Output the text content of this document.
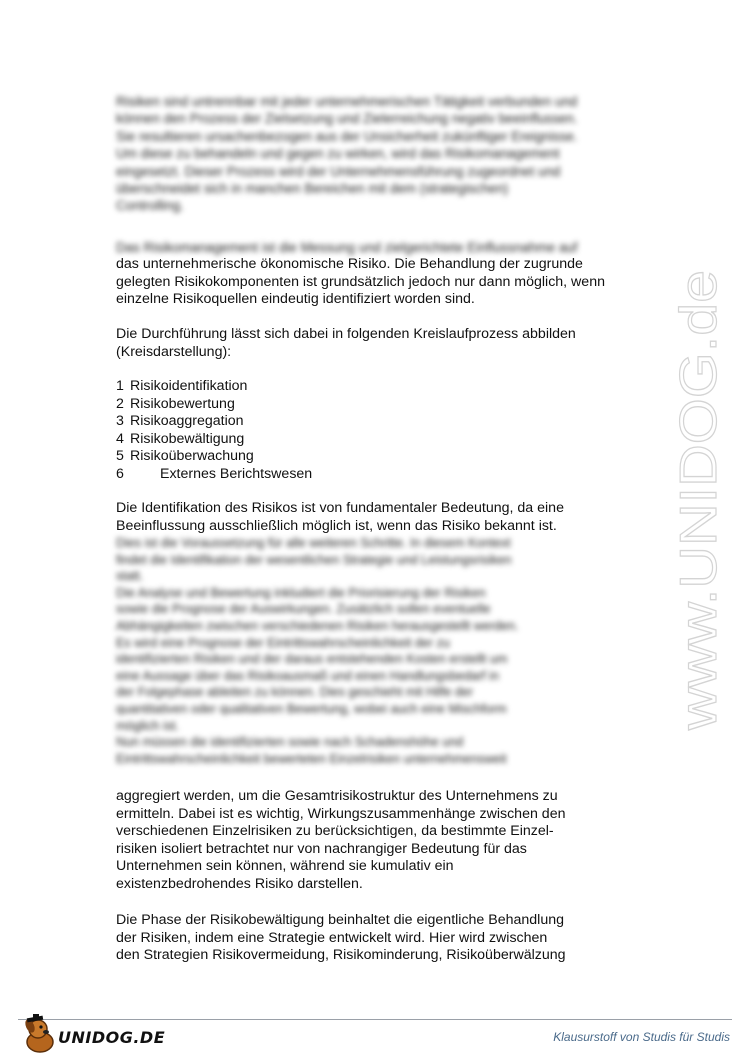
Risiken sind untrennbar mit jeder unternehmerischen Tätigkeit verbunden und

können den Prozess der Zielsetzung und Zielerreichung negativ beeinflussen.

Sie resultieren ursachenbezogen aus der Unsicherheit zukünftiger Ereignisse.

Um diese zu behandeln und gegen zu wirken, wird das Risikomanagement

eingesetzt. Dieser Prozess wird der Unternehmensführung zugeordnet und

überschneidet sich in manchen Bereichen mit dem (strategischen)

Controlling.

Das Risikomanagement ist die Messung und zielgerichtete Einflussnahme auf

das unternehmerische ökonomische Risiko. Die Behandlung der zugrunde

gelegten Risikokomponenten ist grundsätzlich jedoch nur dann möglich, wenn

einzelne Risikoquellen eindeutig identifiziert worden sind.

Die Durchführung lässt sich dabei in folgenden Kreislaufprozess abbilden

(Kreisdarstellung):

1 Risikoidentifikation
2 Risikobewertung
3 Risikoaggregation
4 Risikobewältigung
5 Risikoüberwachung
6	Externes Berichtswesen

Die Identifikation des Risikos ist von fundamentaler Bedeutung, da eine

Beeinflussung ausschließlich möglich ist, wenn das Risiko bekannt ist.

Dies ist die Voraussetzung für alle weiteren Schritte. In diesem Kontext

findet die Identifikation der wesentlichen Strategie und Leistungsrisiken

statt.

Die Analyse und Bewertung inkludiert die Priorisierung der Risiken

sowie die Prognose der Auswirkungen. Zusätzlich sollen eventuelle

Abhängigkeiten zwischen verschiedenen Risiken herausgestellt werden.

Es wird eine Prognose der Eintrittswahrscheinlichkeit der zu

identifizierten Risiken und der daraus entstehenden Kosten erstellt um

eine Aussage über das Risikoausmaß und einen Handlungsbedarf in

der Folgephase ableiten zu können. Dies geschieht mit Hilfe der

quantitativen oder qualitativen Bewertung, wobei auch eine Mischform

möglich ist.

Nun müssen die identifizierten sowie nach Schadenshöhe und

Eintrittswahrscheinlichkeit bewerteten Einzelrisiken unternehmensweit

aggregiert werden, um die Gesamtrisikostruktur des Unternehmens zu

ermitteln. Dabei ist es wichtig, Wirkungszusammenhänge zwischen den

verschiedenen Einzelrisiken zu berücksichtigen, da bestimmte Einzel-

risiken isoliert betrachtet nur von nachrangiger Bedeutung für das

Unternehmen sein können, während sie kumulativ ein

existenzbedrohendes Risiko darstellen.

Die Phase der Risikobewältigung beinhaltet die eigentliche Behandlung

der Risiken, indem eine Strategie entwickelt wird. Hier wird zwischen

den Strategien Risikovermeidung, Risikominderung, Risikoüberwälzung

www.UNIDOG.de
UNIDOG.DE	Klausurstoff von Studis für Studis
